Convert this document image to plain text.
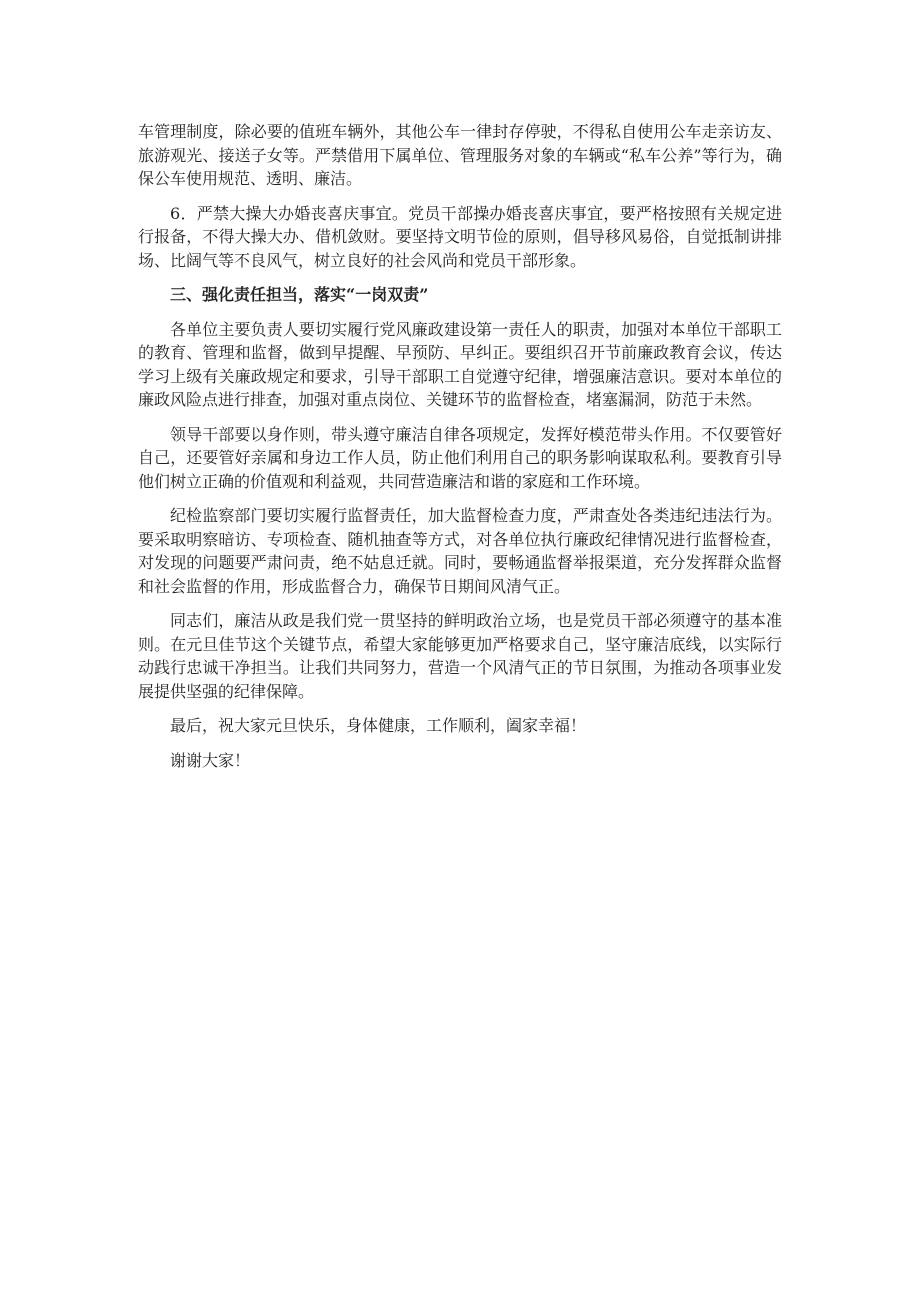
车管理制度，除必要的值班车辆外，其他公车一律封存停驶，不得私自使用公车走亲访友、旅游观光、接送子女等。严禁借用下属单位、管理服务对象的车辆或“私车公养”等行为，确保公车使用规范、透明、廉洁。

6．严禁大操大办婚丧喜庆事宜。党员干部操办婚丧喜庆事宜，要严格按照有关规定进行报备，不得大操大办、借机敛财。要坚持文明节俭的原则，倡导移风易俗，自觉抵制讲排场、比阔气等不良风气，树立良好的社会风尚和党员干部形象。

三、强化责任担当，落实“一岗双责”

各单位主要负责人要切实履行党风廉政建设第一责任人的职责，加强对本单位干部职工的教育、管理和监督，做到早提醒、早预防、早纠正。要组织召开节前廉政教育会议，传达学习上级有关廉政规定和要求，引导干部职工自觉遵守纪律，增强廉洁意识。要对本单位的廉政风险点进行排查，加强对重点岗位、关键环节的监督检查，堵塞漏洞，防范于未然。

领导干部要以身作则，带头遵守廉洁自律各项规定，发挥好模范带头作用。不仅要管好自己，还要管好亲属和身边工作人员，防止他们利用自己的职务影响谋取私利。要教育引导他们树立正确的价值观和利益观，共同营造廉洁和谐的家庭和工作环境。

纪检监察部门要切实履行监督责任，加大监督检查力度，严肃查处各类违纪违法行为。要采取明察暗访、专项检查、随机抽查等方式，对各单位执行廉政纪律情况进行监督检查，对发现的问题要严肃问责，绝不姑息迁就。同时，要畅通监督举报渠道，充分发挥群众监督和社会监督的作用，形成监督合力，确保节日期间风清气正。

同志们，廉洁从政是我们党一贯坚持的鲜明政治立场，也是党员干部必须遵守的基本准则。在元旦佳节这个关键节点，希望大家能够更加严格要求自己，坚守廉洁底线，以实际行动践行忠诚干净担当。让我们共同努力，营造一个风清气正的节日氛围，为推动各项事业发展提供坚强的纪律保障。

最后，祝大家元旦快乐，身体健康，工作顺利，阖家幸福！

谢谢大家！
